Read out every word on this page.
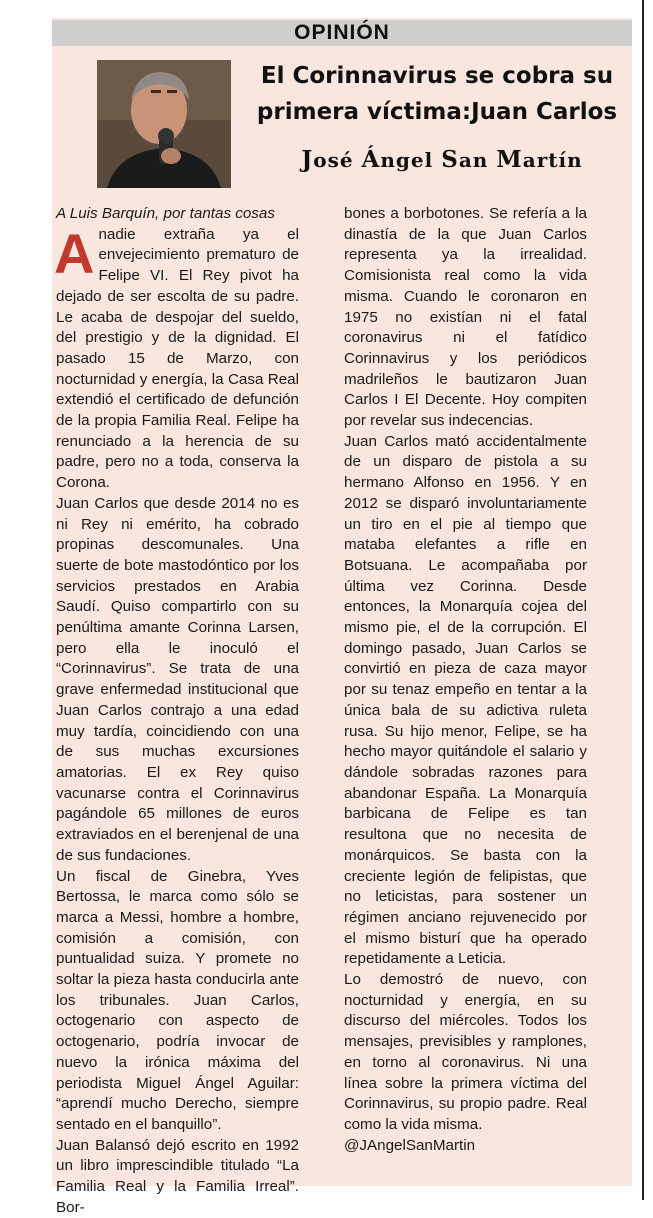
OPINIÓN
El Corinnavirus se cobra su
primera víctima:Juan Carlos
José Ángel San Martín

A Luis Barquín, por tantas cosas

A nadie extraña ya el envejecimiento prematuro de Felipe VI. El Rey pivot ha dejado de ser escolta de su padre. Le acaba de despojar del sueldo, del prestigio y de la dignidad. El pasado 15 de Marzo, con nocturnidad y energía, la Casa Real extendió el certificado de defunción de la propia Familia Real. Felipe ha renunciado a la herencia de su padre, pero no a toda, conserva la Corona.

Juan Carlos que desde 2014 no es ni Rey ni emérito, ha cobrado propinas descomunales. Una suerte de bote mastodóntico por los servicios prestados en Arabia Saudí. Quiso compartirlo con su penúltima amante Corinna Larsen, pero ella le inoculó el “Corinnavirus”. Se trata de una grave enfermedad institucional que Juan Carlos contrajo a una edad muy tardía, coincidiendo con una de sus muchas excursiones amatorias. El ex Rey quiso vacunarse contra el Corinnavirus pagándole 65 millones de euros extraviados en el berenjenal de una de sus fundaciones.

Un fiscal de Ginebra, Yves Bertossa, le marca como sólo se marca a Messi, hombre a hombre, comisión a comisión, con puntualidad suiza. Y promete no soltar la pieza hasta conducirla ante los tribunales. Juan Carlos, octogenario con aspecto de octogenario, podría invocar de nuevo la irónica máxima del periodista Miguel Ángel Aguilar: “aprendí mucho Derecho, siempre sentado en el banquillo”.

Juan Balansó dejó escrito en 1992 un libro imprescindible titulado “La Familia Real y la Familia Irreal”. Bor-

bones a borbotones. Se refería a la dinastía de la que Juan Carlos representa ya la irrealidad. Comisionista real como la vida misma. Cuando le coronaron en 1975 no existían ni el fatal coronavirus ni el fatídico Corinnavirus y los periódicos madrileños le bautizaron Juan Carlos I El Decente. Hoy compiten por revelar sus indecencias.

Juan Carlos mató accidentalmente de un disparo de pistola a su hermano Alfonso en 1956. Y en 2012 se disparó involuntariamente un tiro en el pie al tiempo que mataba elefantes a rifle en Botsuana. Le acompañaba por última vez Corinna. Desde entonces, la Monarquía cojea del mismo pie, el de la corrupción. El domingo pasado, Juan Carlos se convirtió en pieza de caza mayor por su tenaz empeño en tentar a la única bala de su adictiva ruleta rusa. Su hijo menor, Felipe, se ha hecho mayor quitándole el salario y dándole sobradas razones para abandonar España. La Monarquía barbicana de Felipe es tan resultona que no necesita de monárquicos. Se basta con la creciente legión de felipistas, que no leticistas, para sostener un régimen anciano rejuvenecido por el mismo bisturí que ha operado repetidamente a Leticia.

Lo demostró de nuevo, con nocturnidad y energía, en su discurso del miércoles. Todos los mensajes, previsibles y ramplones, en torno al coronavirus. Ni una línea sobre la primera víctima del Corinnavirus, su propio padre. Real como la vida misma.

@JAngelSanMartin
